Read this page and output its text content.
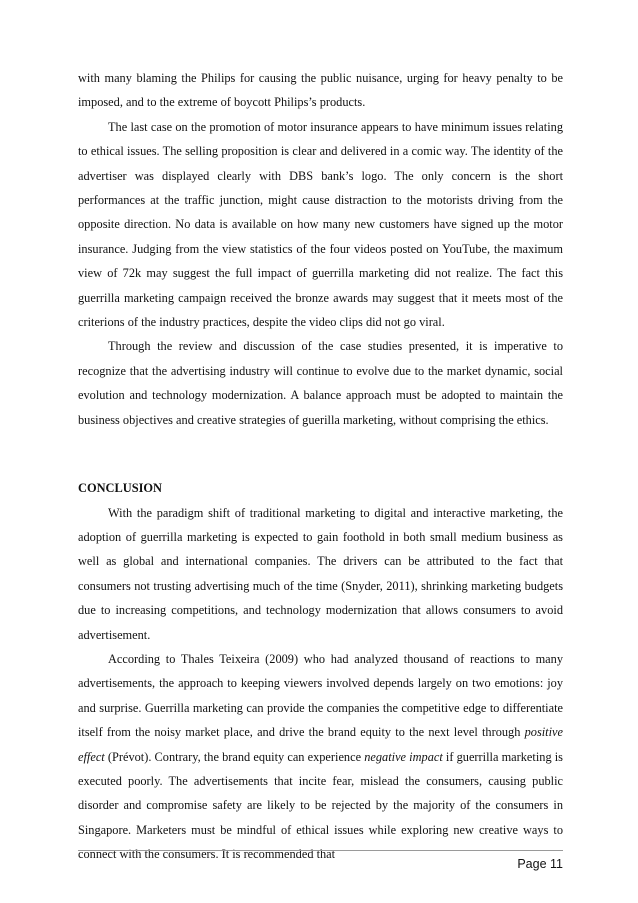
with many blaming the Philips for causing the public nuisance, urging for heavy penalty to be imposed, and to the extreme of boycott Philips’s products.

The last case on the promotion of motor insurance appears to have minimum issues relating to ethical issues. The selling proposition is clear and delivered in a comic way. The identity of the advertiser was displayed clearly with DBS bank’s logo. The only concern is the short performances at the traffic junction, might cause distraction to the motorists driving from the opposite direction. No data is available on how many new customers have signed up the motor insurance. Judging from the view statistics of the four videos posted on YouTube, the maximum view of 72k may suggest the full impact of guerrilla marketing did not realize. The fact this guerrilla marketing campaign received the bronze awards may suggest that it meets most of the criterions of the industry practices, despite the video clips did not go viral.

Through the review and discussion of the case studies presented, it is imperative to recognize that the advertising industry will continue to evolve due to the market dynamic, social evolution and technology modernization. A balance approach must be adopted to maintain the business objectives and creative strategies of guerilla marketing, without comprising the ethics.

CONCLUSION

With the paradigm shift of traditional marketing to digital and interactive marketing, the adoption of guerrilla marketing is expected to gain foothold in both small medium business as well as global and international companies. The drivers can be attributed to the fact that consumers not trusting advertising much of the time (Snyder, 2011), shrinking marketing budgets due to increasing competitions, and technology modernization that allows consumers to avoid advertisement.

According to Thales Teixeira (2009) who had analyzed thousand of reactions to many advertisements, the approach to keeping viewers involved depends largely on two emotions: joy and surprise. Guerrilla marketing can provide the companies the competitive edge to differentiate itself from the noisy market place, and drive the brand equity to the next level through positive effect (Prévot). Contrary, the brand equity can experience negative impact if guerrilla marketing is executed poorly. The advertisements that incite fear, mislead the consumers, causing public disorder and compromise safety are likely to be rejected by the majority of the consumers in Singapore. Marketers must be mindful of ethical issues while exploring new creative ways to connect with the consumers. It is recommended that

Page 11
